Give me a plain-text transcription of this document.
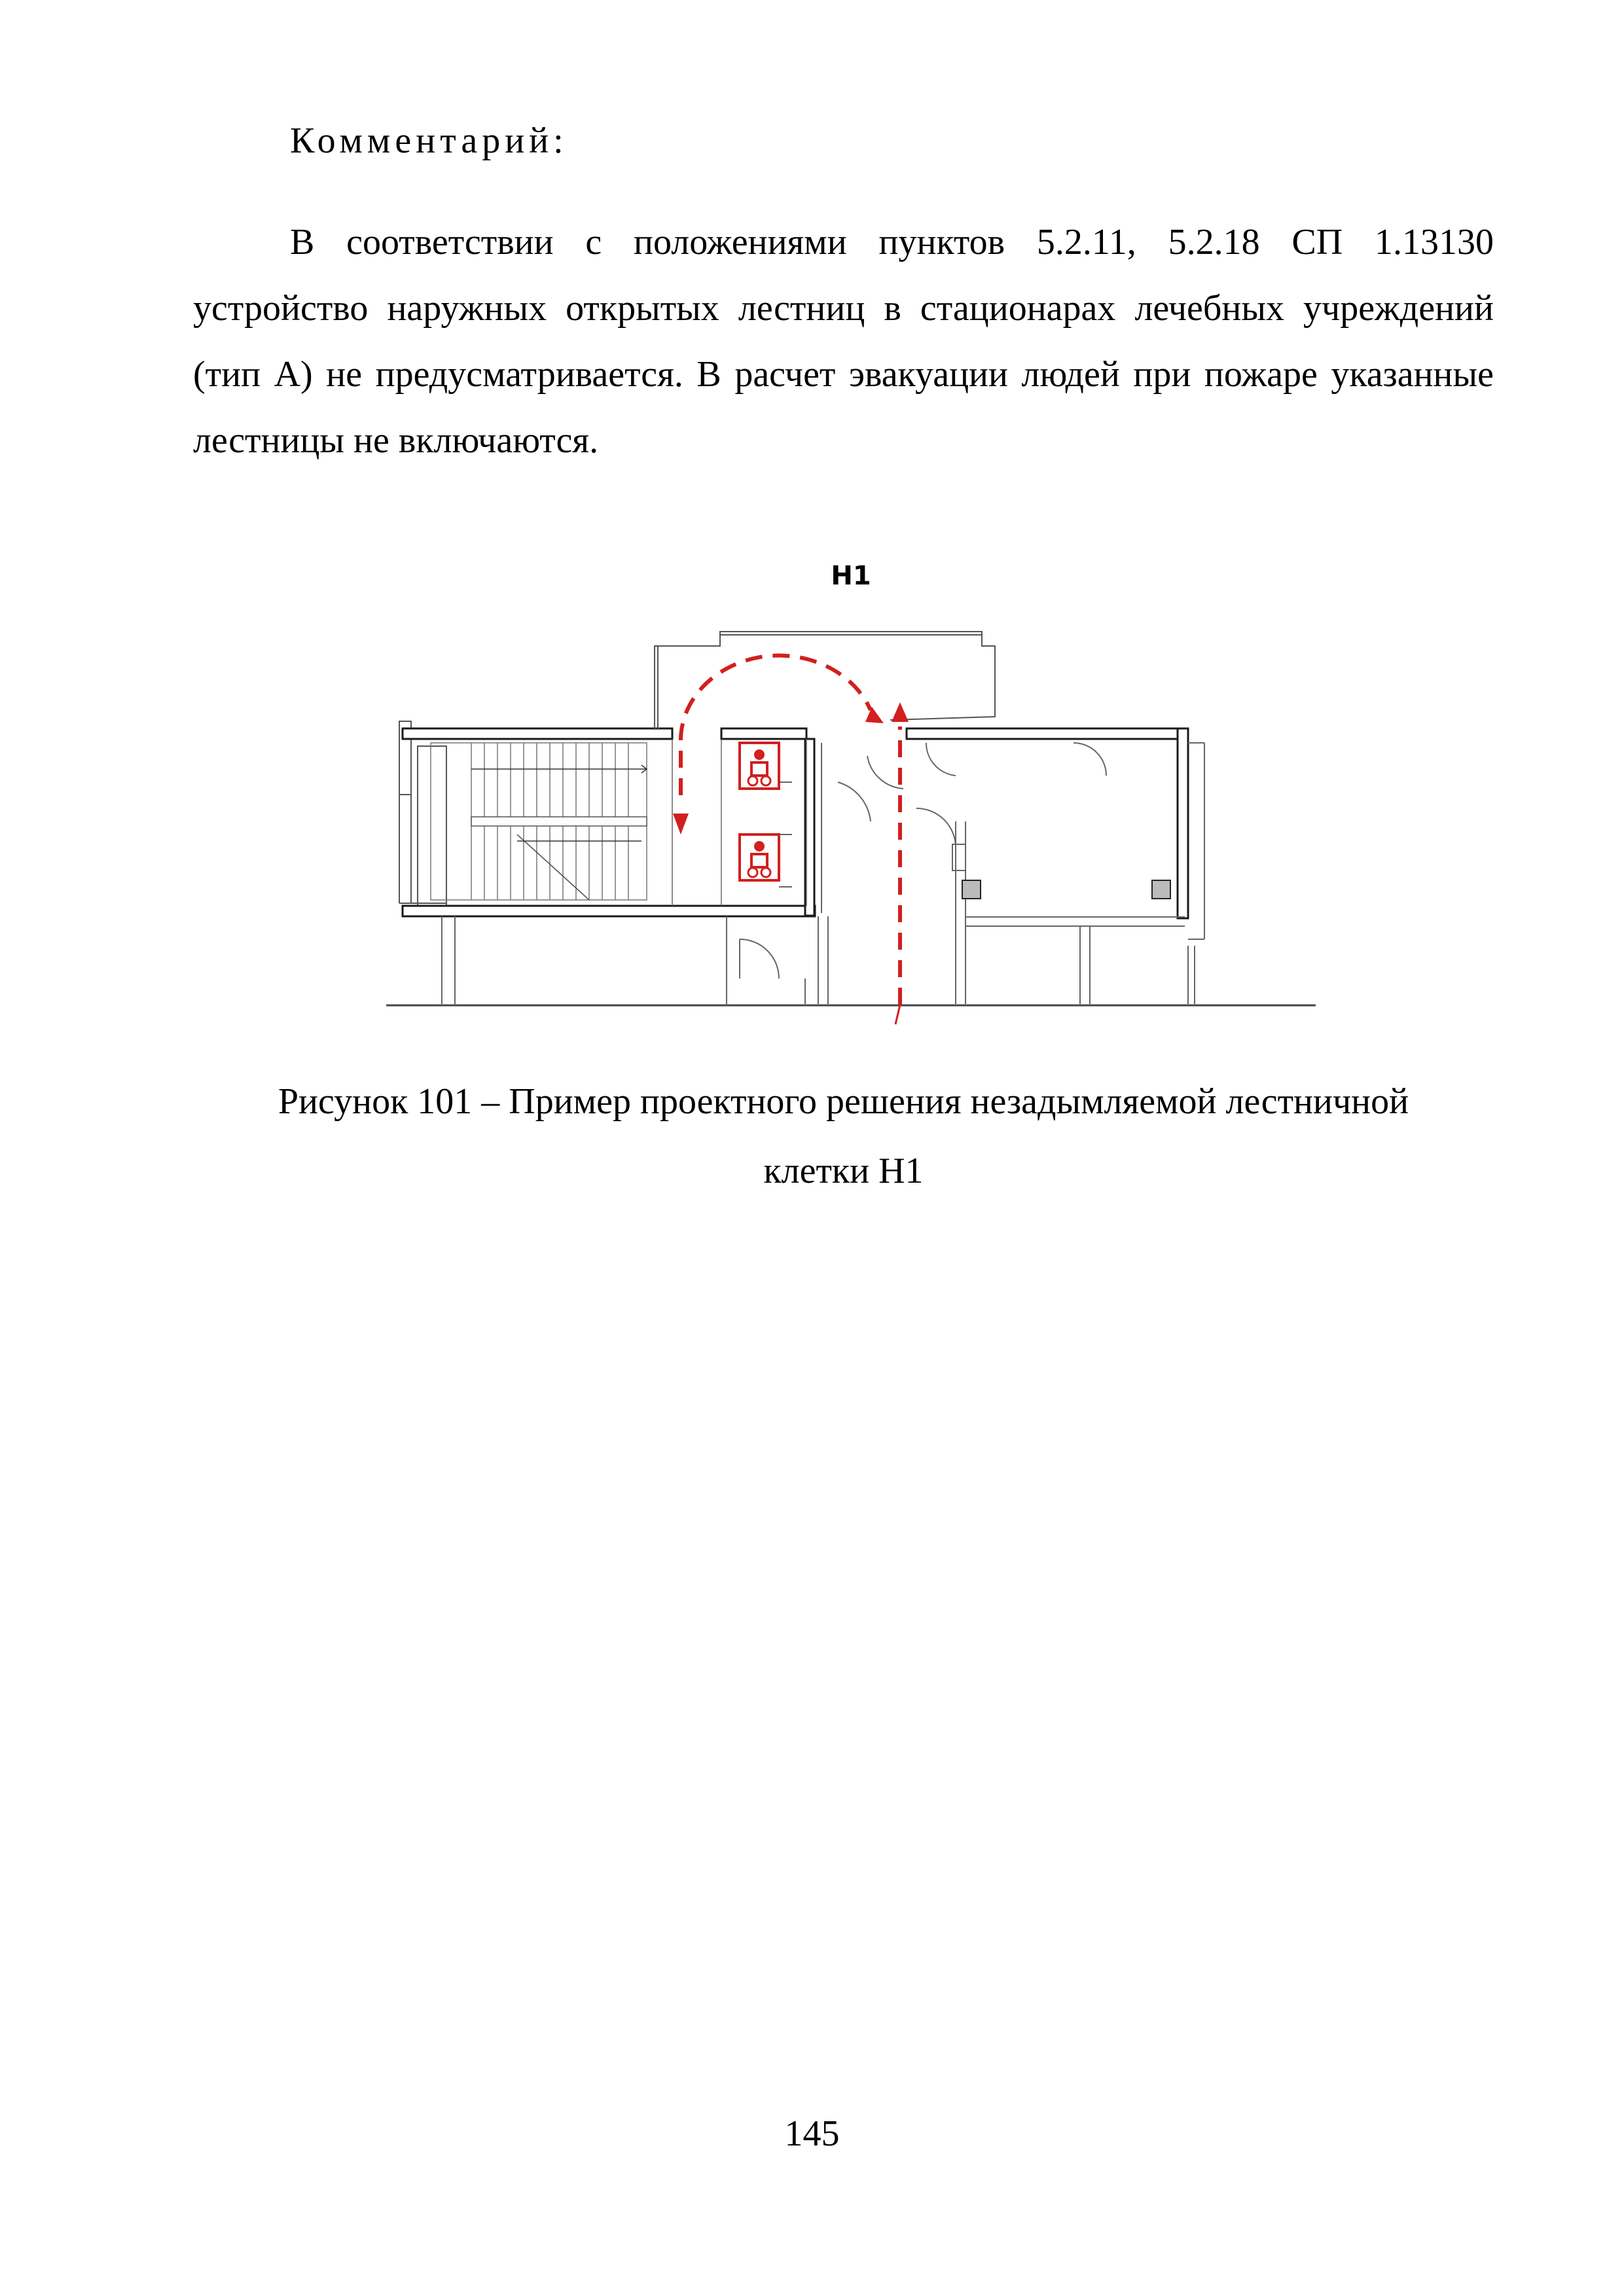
Комментарий:

В соответствии с положениями пунктов 5.2.11, 5.2.18 СП 1.13130 устройство наружных открытых лестниц в стационарах лечебных учреждений (тип А) не предусматривается. В расчет эвакуации людей при пожаре указанные лестницы не включаются.

Н1
Рисунок 101 – Пример проектного решения незадымляемой лестничной
клетки Н1
145
